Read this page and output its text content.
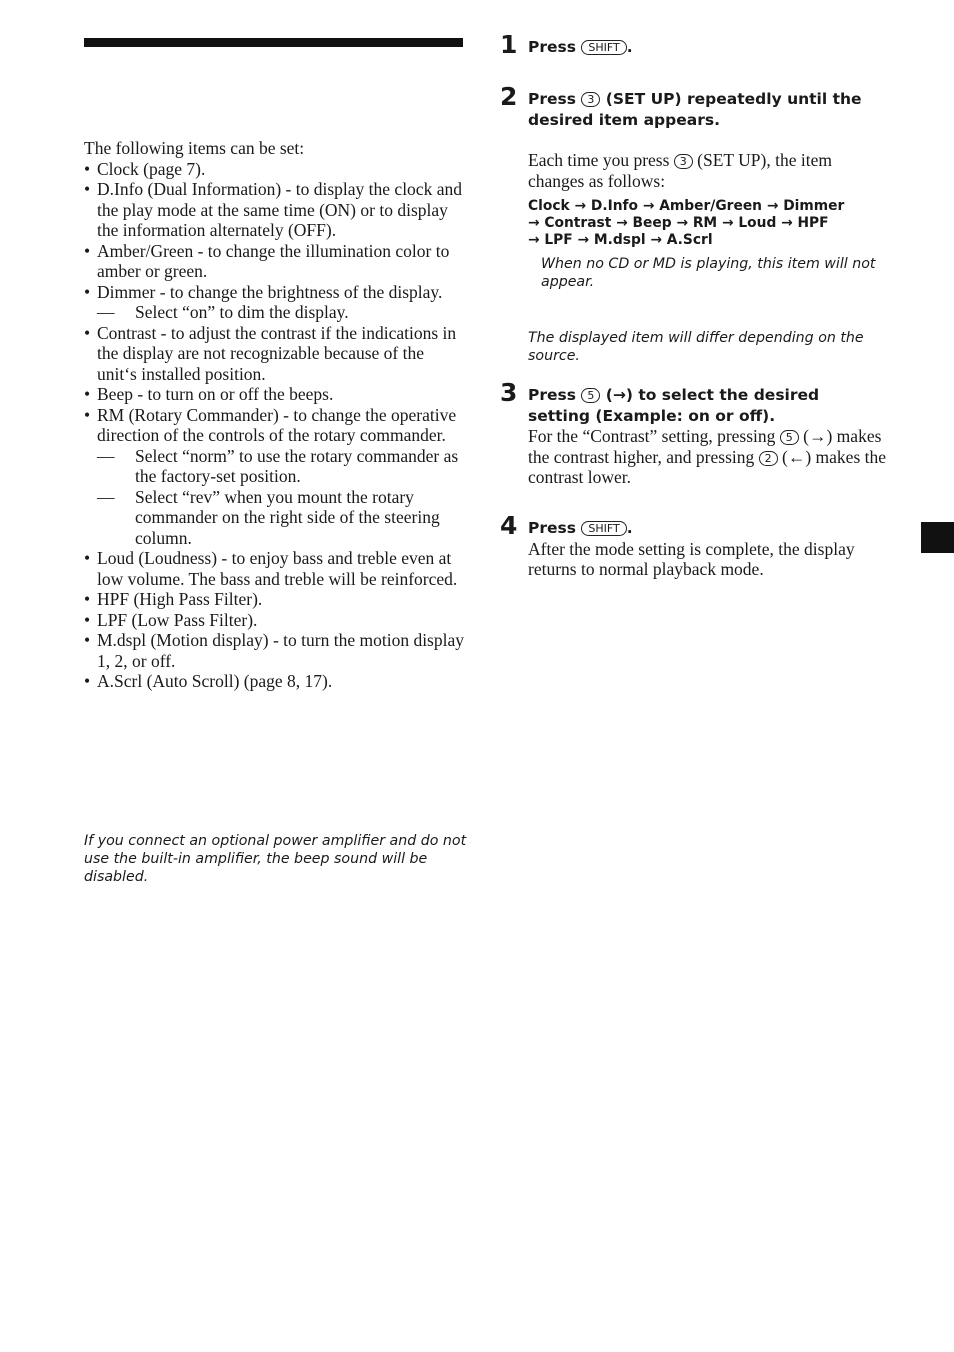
The following items can be set:

• Clock (page 7).
• D.Info (Dual Information) - to display the clock and the play mode at the same time (ON) or to display the information alternately (OFF).
• Amber/Green - to change the illumination color to amber or green.
• Dimmer - to change the brightness of the display.
— Select “on” to dim the display.
• Contrast - to adjust the contrast if the indications in the display are not recognizable because of the unit‘s installed position.
• Beep - to turn on or off the beeps.
• RM (Rotary Commander) - to change the operative direction of the controls of the rotary commander.
— Select “norm” to use the rotary commander as the factory-set position.
— Select “rev” when you mount the rotary commander on the right side of the steering column.
• Loud (Loudness) - to enjoy bass and treble even at low volume. The bass and treble will be reinforced.
• HPF (High Pass Filter).
• LPF (Low Pass Filter).
• M.dspl (Motion display) - to turn the motion display 1, 2, or off.
• A.Scrl (Auto Scroll) (page 8, 17).
If you connect an optional power amplifier and do not use the built-in amplifier, the beep sound will be disabled.
1 Press SHIFT .
2 Press 3 (SET UP) repeatedly until the desired item appears.
Each time you press 3 (SET UP), the item changes as follows:
Clock → D.Info → Amber/Green → Dimmer
→ Contrast → Beep → RM → Loud → HPF
→ LPF → M.dspl → A.Scrl
When no CD or MD is playing, this item will not appear.
The displayed item will differ depending on the source.
3 Press 5 (→) to select the desired setting (Example: on or off).
For the “Contrast” setting, pressing 5 (→) makes the contrast higher, and pressing 2 (←) makes the contrast lower.
4 Press SHIFT .
After the mode setting is complete, the display returns to normal playback mode.
